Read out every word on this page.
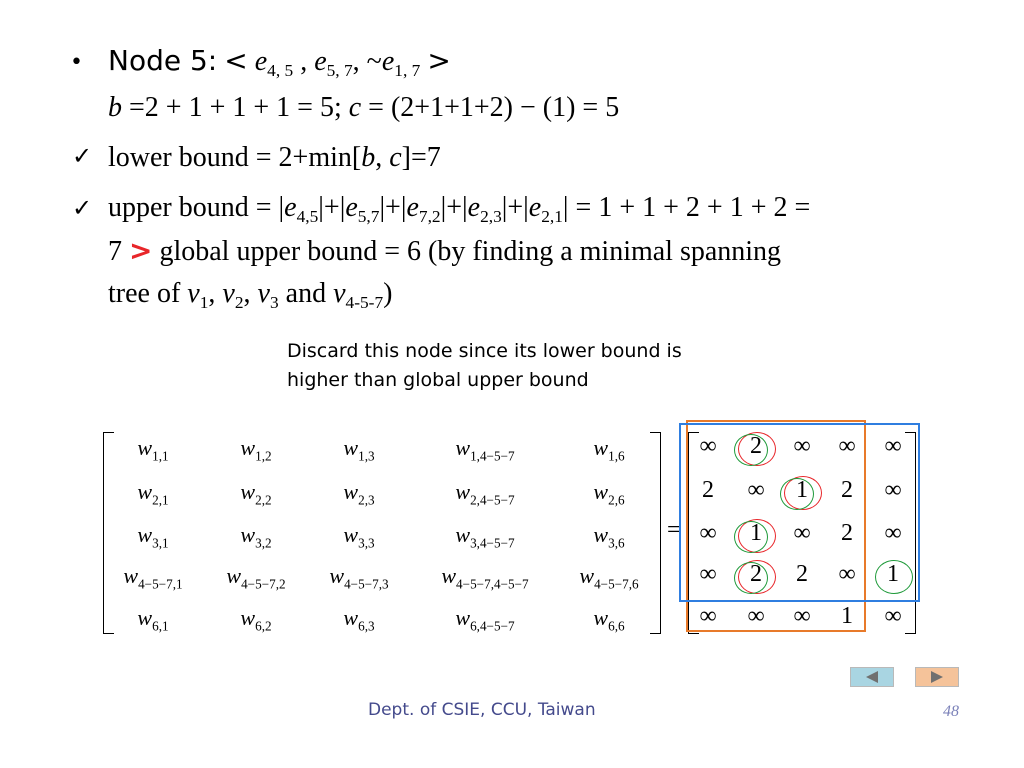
• Node 5: < $e_{4, 5}$ , $e_{5, 7}$, $\sim e_{1, 7}$ >
b =2 + 1 + 1 + 1 = 5; c = (2+1+1+2) − (1) = 5
✓ lower bound = 2+min[b, c]=7
✓ upper bound = $|e_{4,5}|+|e_{5,7}|+|e_{7,2}|+|e_{2,3}|+|e_{2,1}| = 1 + 1 + 2 + 1 + 2$ =
7 > global upper bound = 6 (by finding a minimal spanning
tree of $v_1$, $v_2$, $v_3$ and $v_{4-5-7}$)
Discard this node since its lower bound is
higher than global upper bound
=
$w_{1,1}$	$w_{1,2}$	$w_{1,3}$	$w_{1,4-5-7}$	$w_{1,6}$
$w_{2,1}$	$w_{2,2}$	$w_{2,3}$	$w_{2,4-5-7}$	$w_{2,6}$
$w_{3,1}$	$w_{3,2}$	$w_{3,3}$	$w_{3,4-5-7}$	$w_{3,6}$
$w_{4-5-7,1}$ $w_{4-5-7,2}$ $w_{4-5-7,3}$ $w_{4-5-7,4-5-7}$ $w_{4-5-7,6}$
$w_{6,1}$	$w_{6,2}$	$w_{6,3}$	$w_{6,4-5-7}$	$w_{6,6}$
∞ 2 ∞ ∞ ∞
2 ∞ 1 2 ∞
∞ 1 ∞ 2 ∞
∞ 2 2 ∞ 1
∞ ∞ ∞ 1 ∞
Dept. of CSIE, CCU, Taiwan	48
